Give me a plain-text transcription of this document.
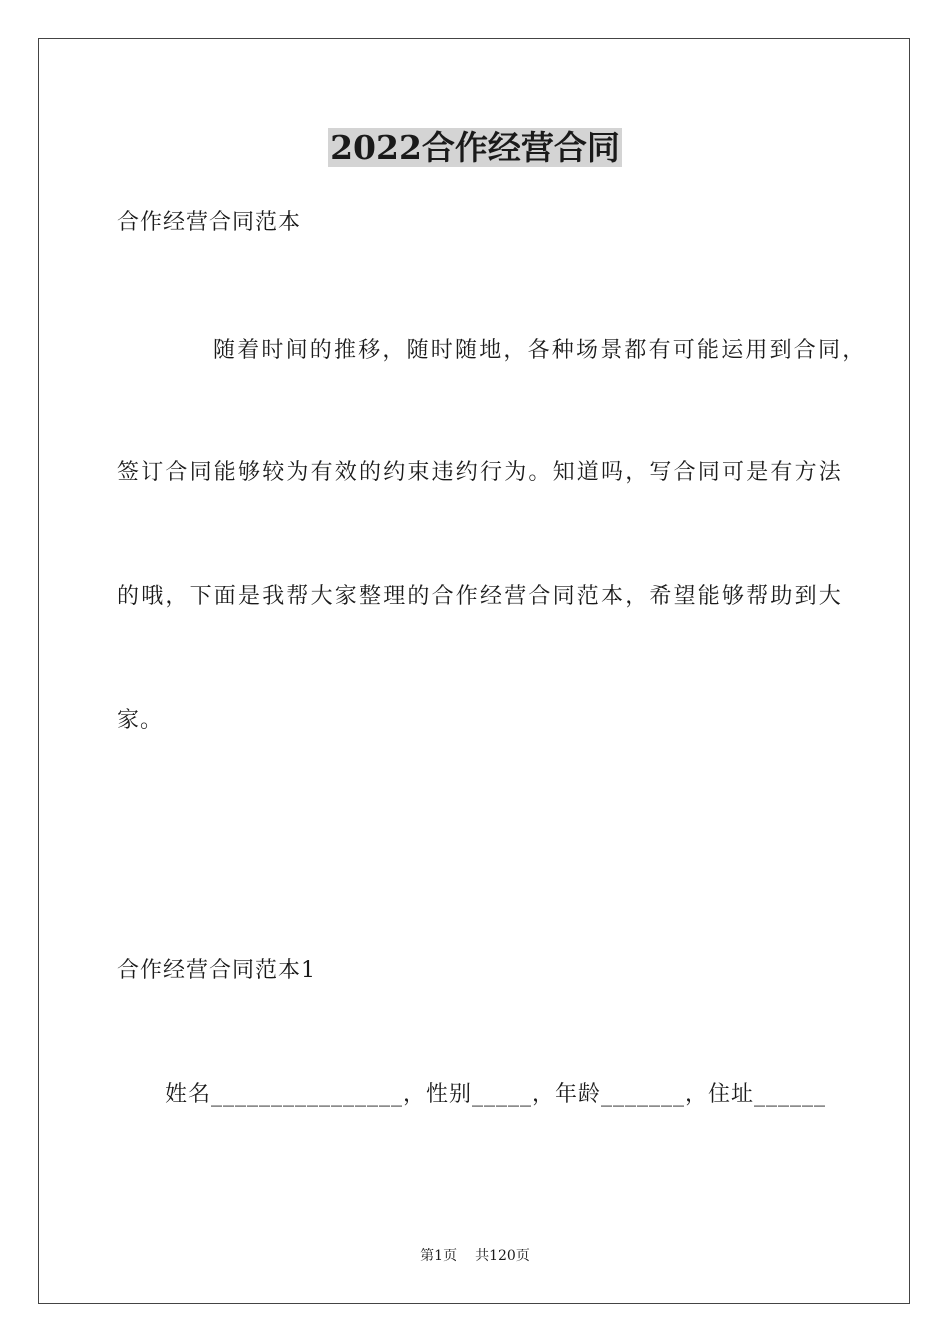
2022合作经营合同
合作经营合同范本
随着时间的推移，随时随地，各种场景都有可能运用到合同，
签订合同能够较为有效的约束违约行为。知道吗，写合同可是有方法
的哦，下面是我帮大家整理的合作经营合同范本，希望能够帮助到大
家。
合作经营合同范本1
姓名________________，性别_____，年龄_______，住址______
第1页 共120页
